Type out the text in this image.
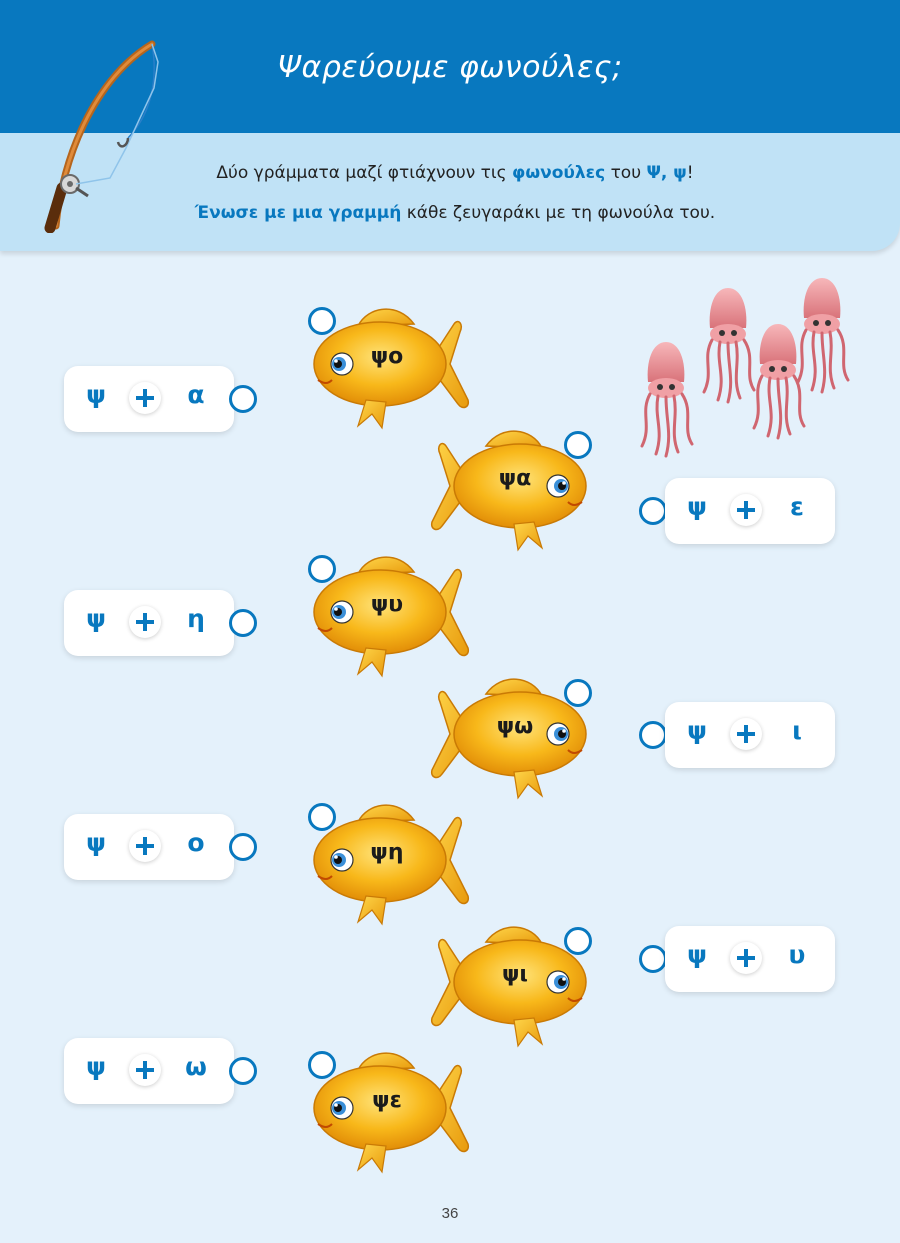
Ψαρεύουμε φωνούλες;
Δύο γράμματα μαζί φτιάχνουν τις φωνούλες του Ψ, ψ!
Ένωσε με μια γραμμή κάθε ζευγαράκι με τη φωνούλα του.
ψ	α
ψ	η
ψ	ο
ψ	ω
ψ	ε
ψ	ι
ψ	υ
ψο
ψα
ψυ
ψω
ψη
ψι
ψε
36
